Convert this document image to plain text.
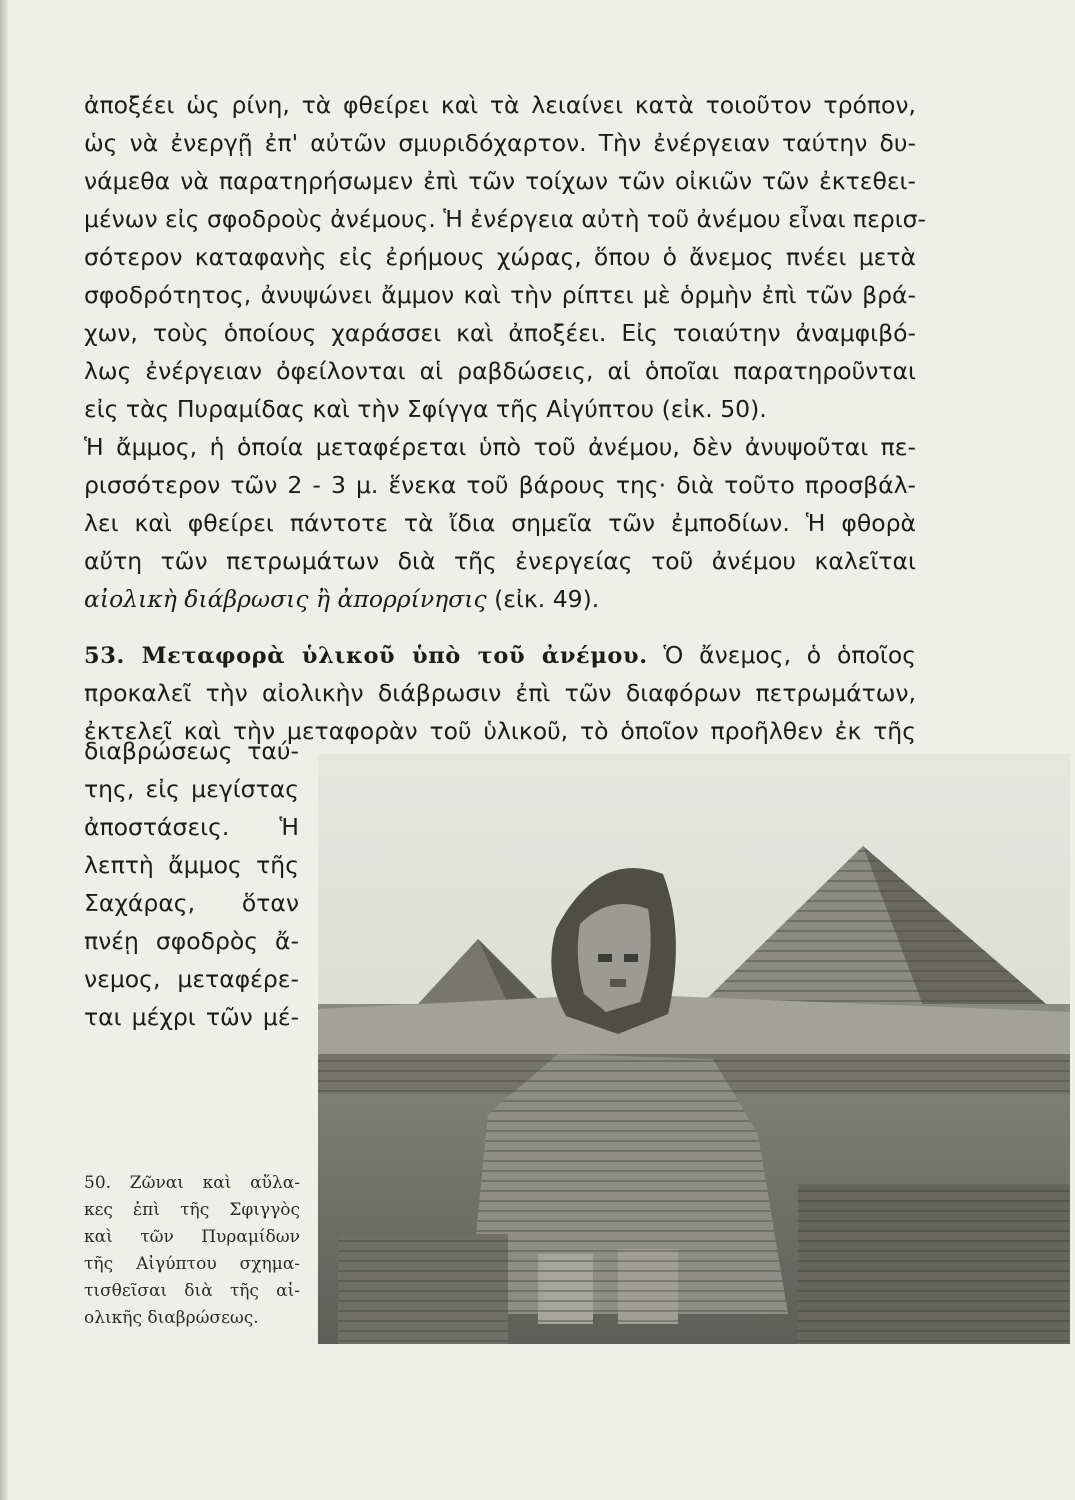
ἀποξέει ὡς ρίνη, τὰ φθείρει καὶ τὰ λειαίνει κατὰ τοιοῦτον τρόπον,
ὡς νὰ ἐνεργῇ ἐπ' αὐτῶν σμυριδόχαρτον. Τὴν ἐνέργειαν ταύτην δυ-
νάμεθα νὰ παρατηρήσωμεν ἐπὶ τῶν τοίχων τῶν οἰκιῶν τῶν ἐκτεθει-
μένων εἰς σφοδροὺς ἀνέμους. Ἡ ἐνέργεια αὐτὴ τοῦ ἀνέμου εἶναι περισ-
σότερον καταφανὴς εἰς ἐρήμους χώρας, ὅπου ὁ ἄνεμος πνέει μετὰ
σφοδρότητος, ἀνυψώνει ἄμμον καὶ τὴν ρίπτει μὲ ὁρμὴν ἐπὶ τῶν βρά-
χων, τοὺς ὁποίους χαράσσει καὶ ἀποξέει. Εἰς τοιαύτην ἀναμφιβό-
λως ἐνέργειαν ὀφείλονται αἱ ραβδώσεις, αἱ ὁποῖαι παρατηροῦνται
εἰς τὰς Πυραμίδας καὶ τὴν Σφίγγα τῆς Αἰγύπτου (εἰκ. 50).
Ἡ ἄμμος, ἡ ὁποία μεταφέρεται ὑπὸ τοῦ ἀνέμου, δὲν ἀνυψοῦται πε-
ρισσότερον τῶν 2 - 3 μ. ἕνεκα τοῦ βάρους της· διὰ τοῦτο προσβάλ-
λει καὶ φθείρει πάντοτε τὰ ἴδια σημεῖα τῶν ἐμποδίων. Ἡ φθορὰ
αὔτη τῶν πετρωμάτων διὰ τῆς ἐνεργείας τοῦ ἀνέμου καλεῖται
αἰολικὴ διάβρωσις ἢ ἀπορρίνησις (εἰκ. 49).
53. Μεταφορὰ ὑλικοῦ ὑπὸ τοῦ ἀνέμου. Ὁ ἄνεμος, ὁ ὁποῖος
προκαλεῖ τὴν αἰολικὴν διάβρωσιν ἐπὶ τῶν διαφόρων πετρωμάτων,
ἐκτελεῖ καὶ τὴν μεταφορὰν τοῦ ὑλικοῦ, τὸ ὁποῖον προῆλθεν ἐκ τῆς
διαβρώσεως ταύ-
της, εἰς μεγίστας
ἀποστάσεις. Ἡ
λεπτὴ ἄμμος τῆς
Σαχάρας, ὅταν
πνέῃ σφοδρὸς ἄ-
νεμος, μεταφέρε-
ται μέχρι τῶν μέ-
50. Ζῶναι καὶ αὔλα-
κες ἐπὶ τῆς Σφιγγὸς
καὶ τῶν Πυραμίδων
τῆς Αἰγύπτου σχημα-
τισθεῖσαι διὰ τῆς αἰ-
ολικῆς διαβρώσεως.
